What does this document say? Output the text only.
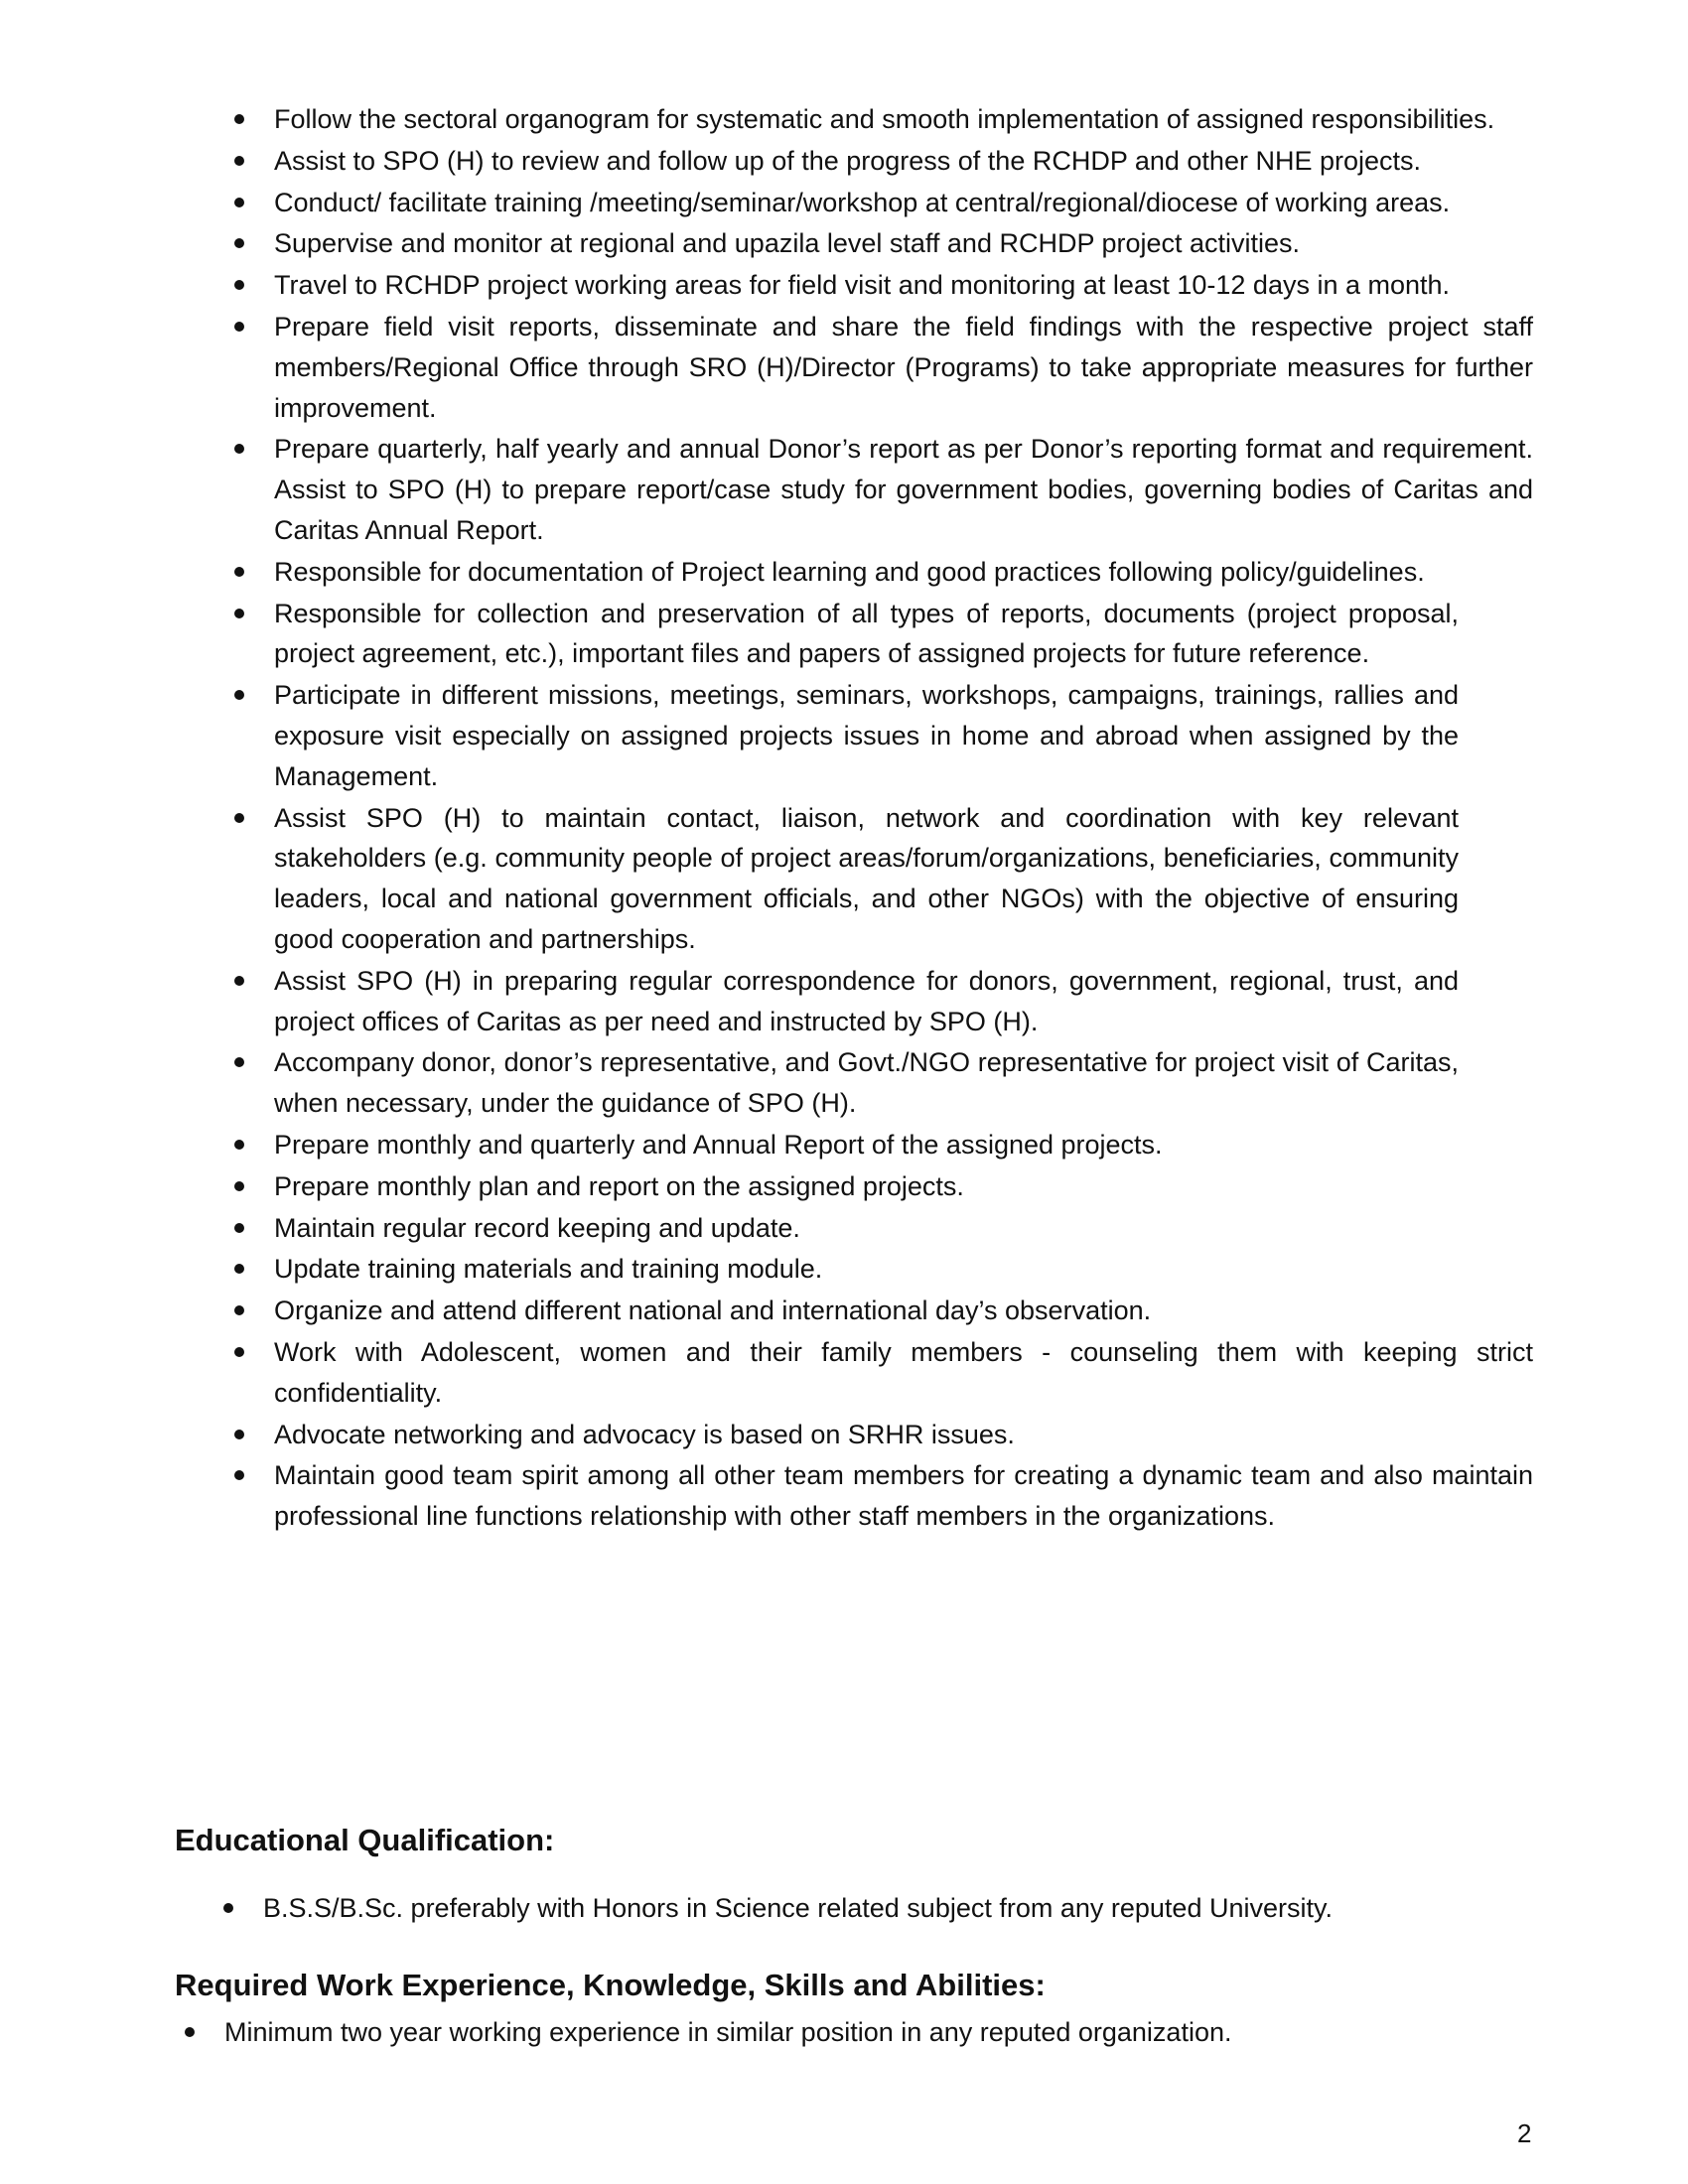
Follow the sectoral organogram for systematic and smooth implementation of assigned responsibilities.
Assist to SPO (H) to review and follow up of the progress of the RCHDP and other NHE projects.
Conduct/ facilitate training /meeting/seminar/workshop at central/regional/diocese of working areas.
Supervise and monitor at regional and upazila level staff and RCHDP project activities.
Travel to RCHDP project working areas for field visit and monitoring at least 10-12 days in a month.
Prepare field visit reports, disseminate and share the field findings with the respective project staff members/Regional Office through SRO (H)/Director (Programs) to take appropriate measures for further improvement.
Prepare quarterly, half yearly and annual Donor’s report as per Donor’s reporting format and requirement. Assist to SPO (H) to prepare report/case study for government bodies, governing bodies of Caritas and Caritas Annual Report.
Responsible for documentation of Project learning and good practices following policy/guidelines.
Responsible for collection and preservation of all types of reports, documents (project proposal, project agreement, etc.), important files and papers of assigned projects for future reference.
Participate in different missions, meetings, seminars, workshops, campaigns, trainings, rallies and exposure visit especially on assigned projects issues in home and abroad when assigned by the Management.
Assist SPO (H) to maintain contact, liaison, network and coordination with key relevant stakeholders (e.g. community people of project areas/forum/organizations, beneficiaries, community leaders, local and national government officials, and other NGOs) with the objective of ensuring good cooperation and partnerships.
Assist SPO (H) in preparing regular correspondence for donors, government, regional, trust, and project offices of Caritas as per need and instructed by SPO (H).
Accompany donor, donor’s representative, and Govt./NGO representative for project visit of Caritas, when necessary, under the guidance of SPO (H).
Prepare monthly and quarterly and Annual Report of the assigned projects.
Prepare monthly plan and report on the assigned projects.
Maintain regular record keeping and update.
Update training materials and training module.
Organize and attend different national and international day’s observation.
Work with Adolescent, women and their family members - counseling them with keeping strict confidentiality.
Advocate networking and advocacy is based on SRHR issues.
Maintain good team spirit among all other team members for creating a dynamic team and also maintain professional line functions relationship with other staff members in the organizations.
Educational Qualification:
B.S.S/B.Sc. preferably with Honors in Science related subject from any reputed University.
Required Work Experience, Knowledge, Skills and Abilities:
Minimum two year working experience in similar position in any reputed organization.
2
